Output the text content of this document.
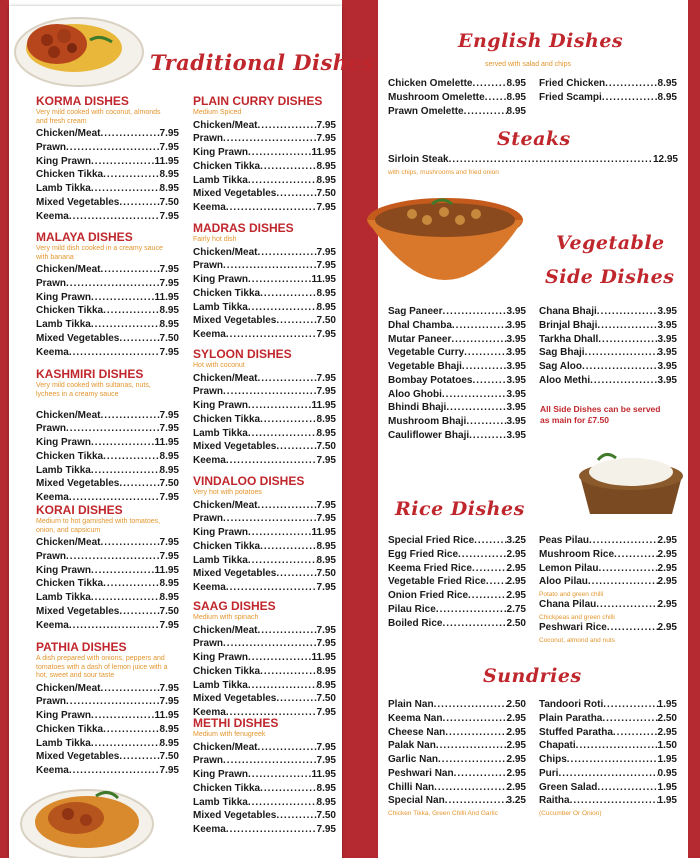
Traditional Dishes
KORMA DISHES
Very mild cooked with coconut, almonds and fresh cream
Chicken/Meat .....	7.95
Prawn .....	7.95
King Prawn .....	11.95
Chicken Tikka .....	8.95
Lamb Tikka .....	8.95
Mixed Vegetables .....	7.50
Keema .....	7.95
MALAYA DISHES
Very mild dish cooked in a creamy sauce with banana
Chicken/Meat .....	7.95
Prawn .....	7.95
King Prawn .....	11.95
Chicken Tikka .....	8.95
Lamb Tikka .....	8.95
Mixed Vegetables .....	7.50
Keema .....	7.95
KASHMIRI DISHES
Very mild cooked with sultanas, nuts, lychees in a creamy sauce
Chicken/Meat .....	7.95
Prawn .....	7.95
King Prawn .....	11.95
Chicken Tikka .....	8.95
Lamb Tikka .....	8.95
Mixed Vegetables .....	7.50
Keema .....	7.95
KORAI DISHES
Medium to hot garnished with tomatoes, onion, and capsicum
Chicken/Meat .....	7.95
Prawn .....	7.95
King Prawn .....	11.95
Chicken Tikka .....	8.95
Lamb Tikka .....	8.95
Mixed Vegetables .....	7.50
Keema .....	7.95
PATHIA DISHES
A dish prepared with onions, peppers and tomatoes with a dash of lemon juice with a hot, sweet and sour taste
Chicken/Meat .....	7.95
Prawn .....	7.95
King Prawn .....	11.95
Chicken Tikka .....	8.95
Lamb Tikka .....	8.95
Mixed Vegetables .....	7.50
Keema .....	7.95
PLAIN CURRY DISHES
Medium Spiced
Chicken/Meat .....	7.95
Prawn .....	7.95
King Prawn .....	11.95
Chicken Tikka .....	8.95
Lamb Tikka .....	8.95
Mixed Vegetables .....	7.50
Keema .....	7.95
MADRAS DISHES
Fairly hot dish
Chicken/Meat .....	7.95
Prawn .....	7.95
King Prawn .....	11.95
Chicken Tikka .....	8.95
Lamb Tikka .....	8.95
Mixed Vegetables .....	7.50
Keema .....	7.95
SYLOON DISHES
Hot with coconut
Chicken/Meat .....	7.95
Prawn .....	7.95
King Prawn .....	11.95
Chicken Tikka .....	8.95
Lamb Tikka .....	8.95
Mixed Vegetables .....	7.50
Keema .....	7.95
VINDALOO DISHES
Very hot with potatoes
Chicken/Meat .....	7.95
Prawn .....	7.95
King Prawn .....	11.95
Chicken Tikka .....	8.95
Lamb Tikka .....	8.95
Mixed Vegetables .....	7.50
Keema .....	7.95
SAAG DISHES
Medium with spinach
Chicken/Meat .....	7.95
Prawn .....	7.95
King Prawn .....	11.95
Chicken Tikka .....	8.95
Lamb Tikka .....	8.95
Mixed Vegetables .....	7.50
Keema .....	7.95
METHI DISHES
Medium with fenugreek
Chicken/Meat .....	7.95
Prawn .....	7.95
King Prawn .....	11.95
Chicken Tikka .....	8.95
Lamb Tikka .....	8.95
Mixed Vegetables .....	7.50
Keema .....	7.95
English Dishes
served with salad and chips
Chicken Omelette .....	8.95
Mushroom Omelette ..... 8.95
Prawn Omelette .....	8.95
Fried Chicken .....	8.95
Fried Scampi .....	8.95
Steaks
Sirloin Steak .....	12.95
with chips, mushrooms and fried onion
Vegetable
Side Dishes
Sag Paneer .....	3.95
Dhal Chamba .....	3.95
Mutar Paneer .....	3.95
Vegetable Curry .....	3.95
Vegetable Bhaji .....	3.95
Bombay Potatoes .....	3.95
Aloo Ghobi .....	3.95
Bhindi Bhaji .....	3.95
Mushroom Bhaji .....	3.95
Cauliflower Bhaji .....	3.95
Chana Bhaji .....	3.95
Brinjal Bhaji .....	3.95
Tarkha Dhall .....	3.95
Sag Bhaji .....	3.95
Sag Aloo .....	3.95
Aloo Methi .....	3.95
All Side Dishes can be served
as main for £7.50
Rice Dishes
Special Fried Rice .....	3.25
Egg Fried Rice .....	2.95
Keema Fried Rice .....	2.95
Vegetable Fried Rice ..... 2.95
Onion Fried Rice .....	2.95
Pilau Rice .....	2.75
Boiled Rice .....	2.50
Peas Pilau .....	2.95
Mushroom Rice .....	2.95
Lemon Pilau .....	2.95
Aloo Pilau .....	2.95
Potato and green chilli
Chana Pilau .....	2.95
Chickpeas and green chilli
Peshwari Rice .....	2.95
Coconut, almond and nuts
Sundries
Plain Nan .....	2.50
Keema Nan .....	2.95
Cheese Nan .....	2.95
Palak Nan .....	2.95
Garlic Nan .....	2.95
Peshwari Nan .....	2.95
Chilli Nan .....	2.95
Special Nan .....	3.25
Chicken Tikka, Green Chilli And Garlic
Tandoori Roti .....	1.95
Plain Paratha .....	2.50
Stuffed Paratha .....	2.95
Chapati .....	1.50
Chips .....	1.95
Puri .....	0.95
Green Salad .....	1.95
Raitha .....	1.95
(Cucumber Or Onion)
